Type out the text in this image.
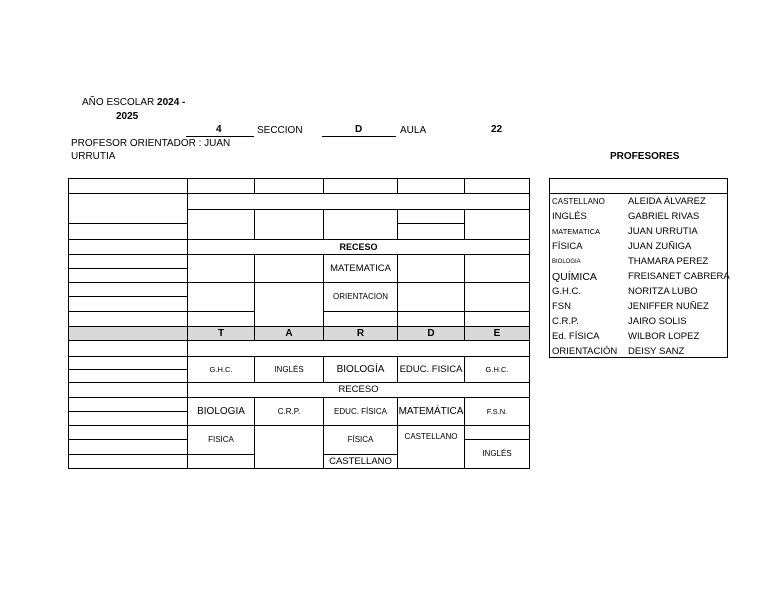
AÑO ESCOLAR 2024 -
2025
4	SECCION	D	AULA	22
PROFESOR ORIENTADOR : JUAN
URRUTIA	PROFESORES

	RECESO				
			MATEMATICA		

			ORIENTACION		

	T	A	R	D	E

	G.H.C.	INGLÉS	BIOLOGÍA	EDUC. FISICA	G.H.C.

	RECESO				
	BIOLOGIA	C.R.P.	EDUC. FÍSICA	MATEMÁTICA	F.S.N.

	FISICA		FÍSICA	CASTELLANO	
					INGLÉS
			CASTELLANO		

CASTELLANO	ALEIDA ÁLVAREZ
INGLÉS	GABRIEL RIVAS
MATEMATICA	JUAN URRUTIA
FÍSICA	JUAN ZUÑIGA
BIOLOGIA	THAMARA PEREZ
QUÍMICA	FREISANET CABRERA
G.H.C.	NORITZA LUBO
FSN	JENIFFER NUÑEZ
C.R.P.	JAIRO SOLIS
Ed. FÍSICA	WILBOR LOPEZ
ORIENTACIÓN	DEISY SANZ
